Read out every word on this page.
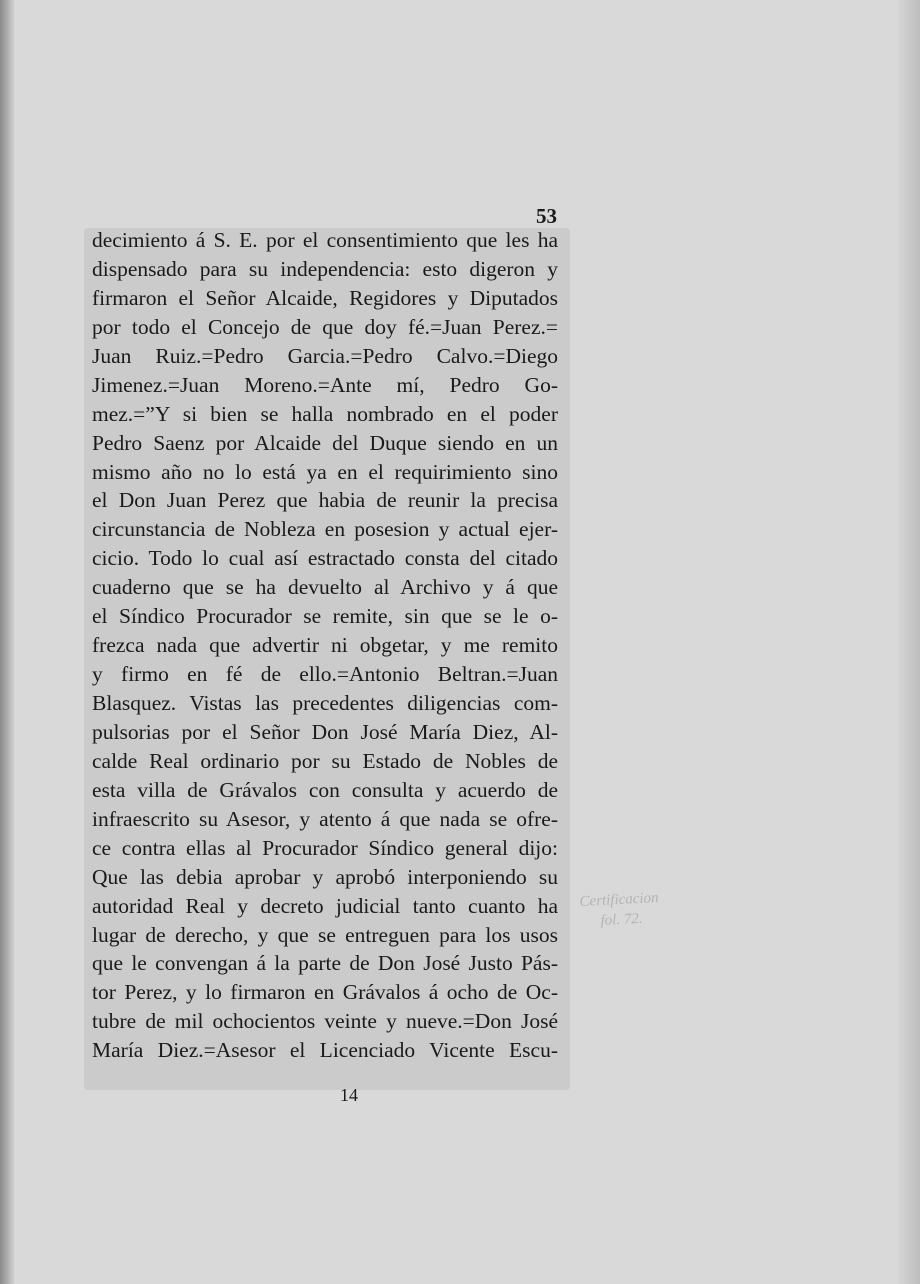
53
decimiento á S. E. por el consentimiento que les ha
dispensado para su independencia: esto digeron y
firmaron el Señor Alcaide, Regidores y Diputados
por todo el Concejo de que doy fé.=Juan Perez.=
Juan Ruiz.=Pedro Garcia.=Pedro Calvo.=Diego
Jimenez.=Juan Moreno.=Ante mí, Pedro Go-
mez.=”Y si bien se halla nombrado en el poder
Pedro Saenz por Alcaide del Duque siendo en un
mismo año no lo está ya en el requirimiento sino
el Don Juan Perez que habia de reunir la precisa
circunstancia de Nobleza en posesion y actual ejer-
cicio. Todo lo cual así estractado consta del citado
cuaderno que se ha devuelto al Archivo y á que
el Síndico Procurador se remite, sin que se le o-
frezca nada que advertir ni obgetar, y me remito
y firmo en fé de ello.=Antonio Beltran.=Juan
Blasquez. Vistas las precedentes diligencias com-
pulsorias por el Señor Don José María Diez, Al-
calde Real ordinario por su Estado de Nobles de
esta villa de Grávalos con consulta y acuerdo de
infraescrito su Asesor, y atento á que nada se ofre-
ce contra ellas al Procurador Síndico general dijo:
Que las debia aprobar y aprobó interponiendo su
autoridad Real y decreto judicial tanto cuanto ha
lugar de derecho, y que se entreguen para los usos
que le convengan á la parte de Don José Justo Pás-
tor Perez, y lo firmaron en Grávalos á ocho de Oc-
tubre de mil ochocientos veinte y nueve.=Don José
María Diez.=Asesor el Licenciado Vicente Escu-
14
Certificacion
fol. 72.
